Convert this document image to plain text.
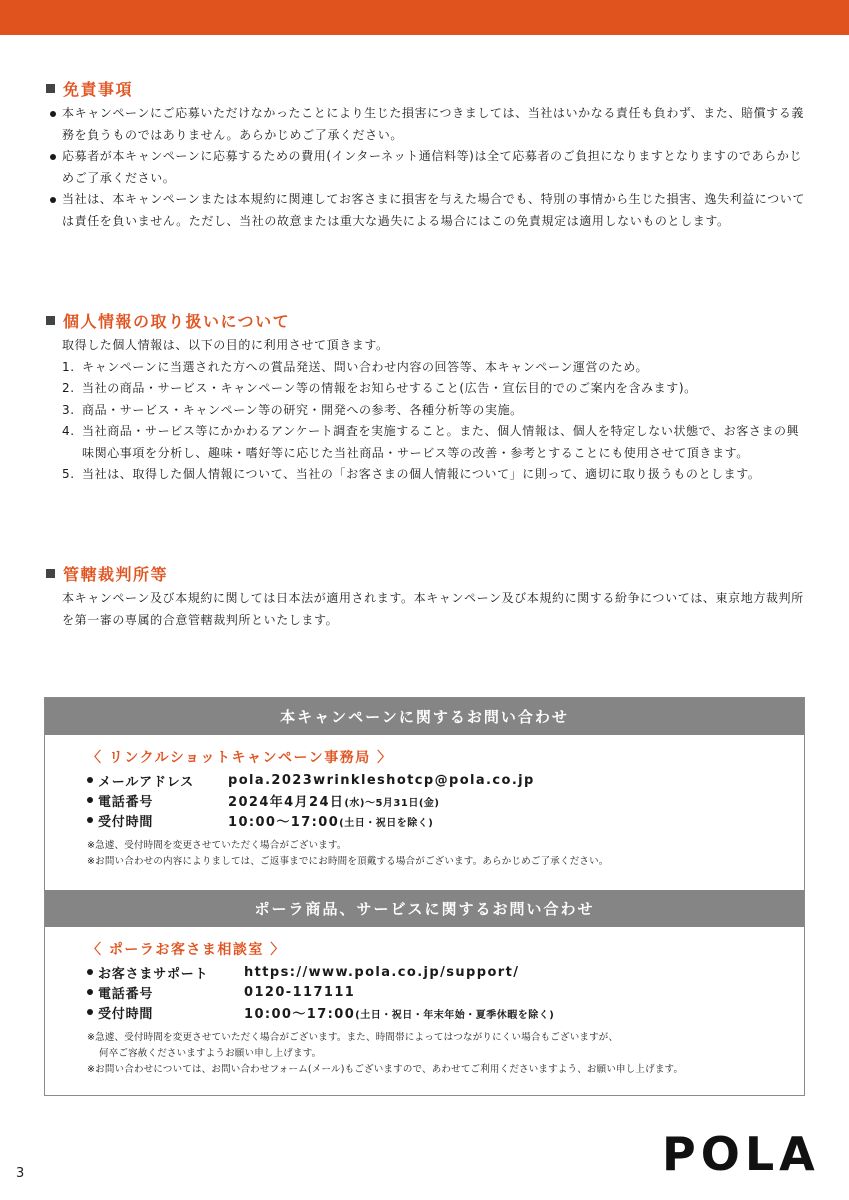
免責事項
本キャンペーンにご応募いただけなかったことにより生じた損害につきましては、当社はいかなる責任も負わず、また、賠償する義務を負うものではありません。あらかじめご了承ください。
応募者が本キャンペーンに応募するための費用(インターネット通信料等)は全て応募者のご負担になりますとなりますのであらかじめご了承ください。
当社は、本キャンペーンまたは本規約に関連してお客さまに損害を与えた場合でも、特別の事情から生じた損害、逸失利益については責任を負いません。ただし、当社の故意または重大な過失による場合にはこの免責規定は適用しないものとします。
個人情報の取り扱いについて
取得した個人情報は、以下の目的に利用させて頂きます。
1. キャンペーンに当選された方への賞品発送、問い合わせ内容の回答等、本キャンペーン運営のため。
2. 当社の商品・サービス・キャンペーン等の情報をお知らせすること(広告・宣伝目的でのご案内を含みます)。
3. 商品・サービス・キャンペーン等の研究・開発への参考、各種分析等の実施。
4. 当社商品・サービス等にかかわるアンケート調査を実施すること。また、個人情報は、個人を特定しない状態で、お客さまの興味関心事項を分析し、趣味・嗜好等に応じた当社商品・サービス等の改善・参考とすることにも使用させて頂きます。
5. 当社は、取得した個人情報について、当社の「お客さまの個人情報について」に則って、適切に取り扱うものとします。
管轄裁判所等
本キャンペーン及び本規約に関しては日本法が適用されます。本キャンペーン及び本規約に関する紛争については、東京地方裁判所を第一審の専属的合意管轄裁判所といたします。
本キャンペーンに関するお問い合わせ
〈 リンクルショットキャンペーン事務局 〉
メールアドレス	pola.2023wrinkleshotcp@pola.co.jp
電話番号	2024年4月24日(水)〜5月31日(金)
受付時間	10:00〜17:00(土日・祝日を除く)
※急遽、受付時間を変更させていただく場合がございます。
※お問い合わせの内容によりましては、ご返事までにお時間を頂戴する場合がございます。あらかじめご了承ください。
ポーラ商品、サービスに関するお問い合わせ
〈 ポーラお客さま相談室 〉
お客さまサポート	https://www.pola.co.jp/support/
電話番号	0120-117111
受付時間	10:00〜17:00(土日・祝日・年末年始・夏季休暇を除く)
※急遽、受付時間を変更させていただく場合がございます。また、時間帯によってはつながりにくい場合もございますが、
何卒ご容赦くださいますようお願い申し上げます。
※お問い合わせについては、お問い合わせフォーム(メール)もございますので、あわせてご利用くださいますよう、お願い申し上げます。
POLA
3
